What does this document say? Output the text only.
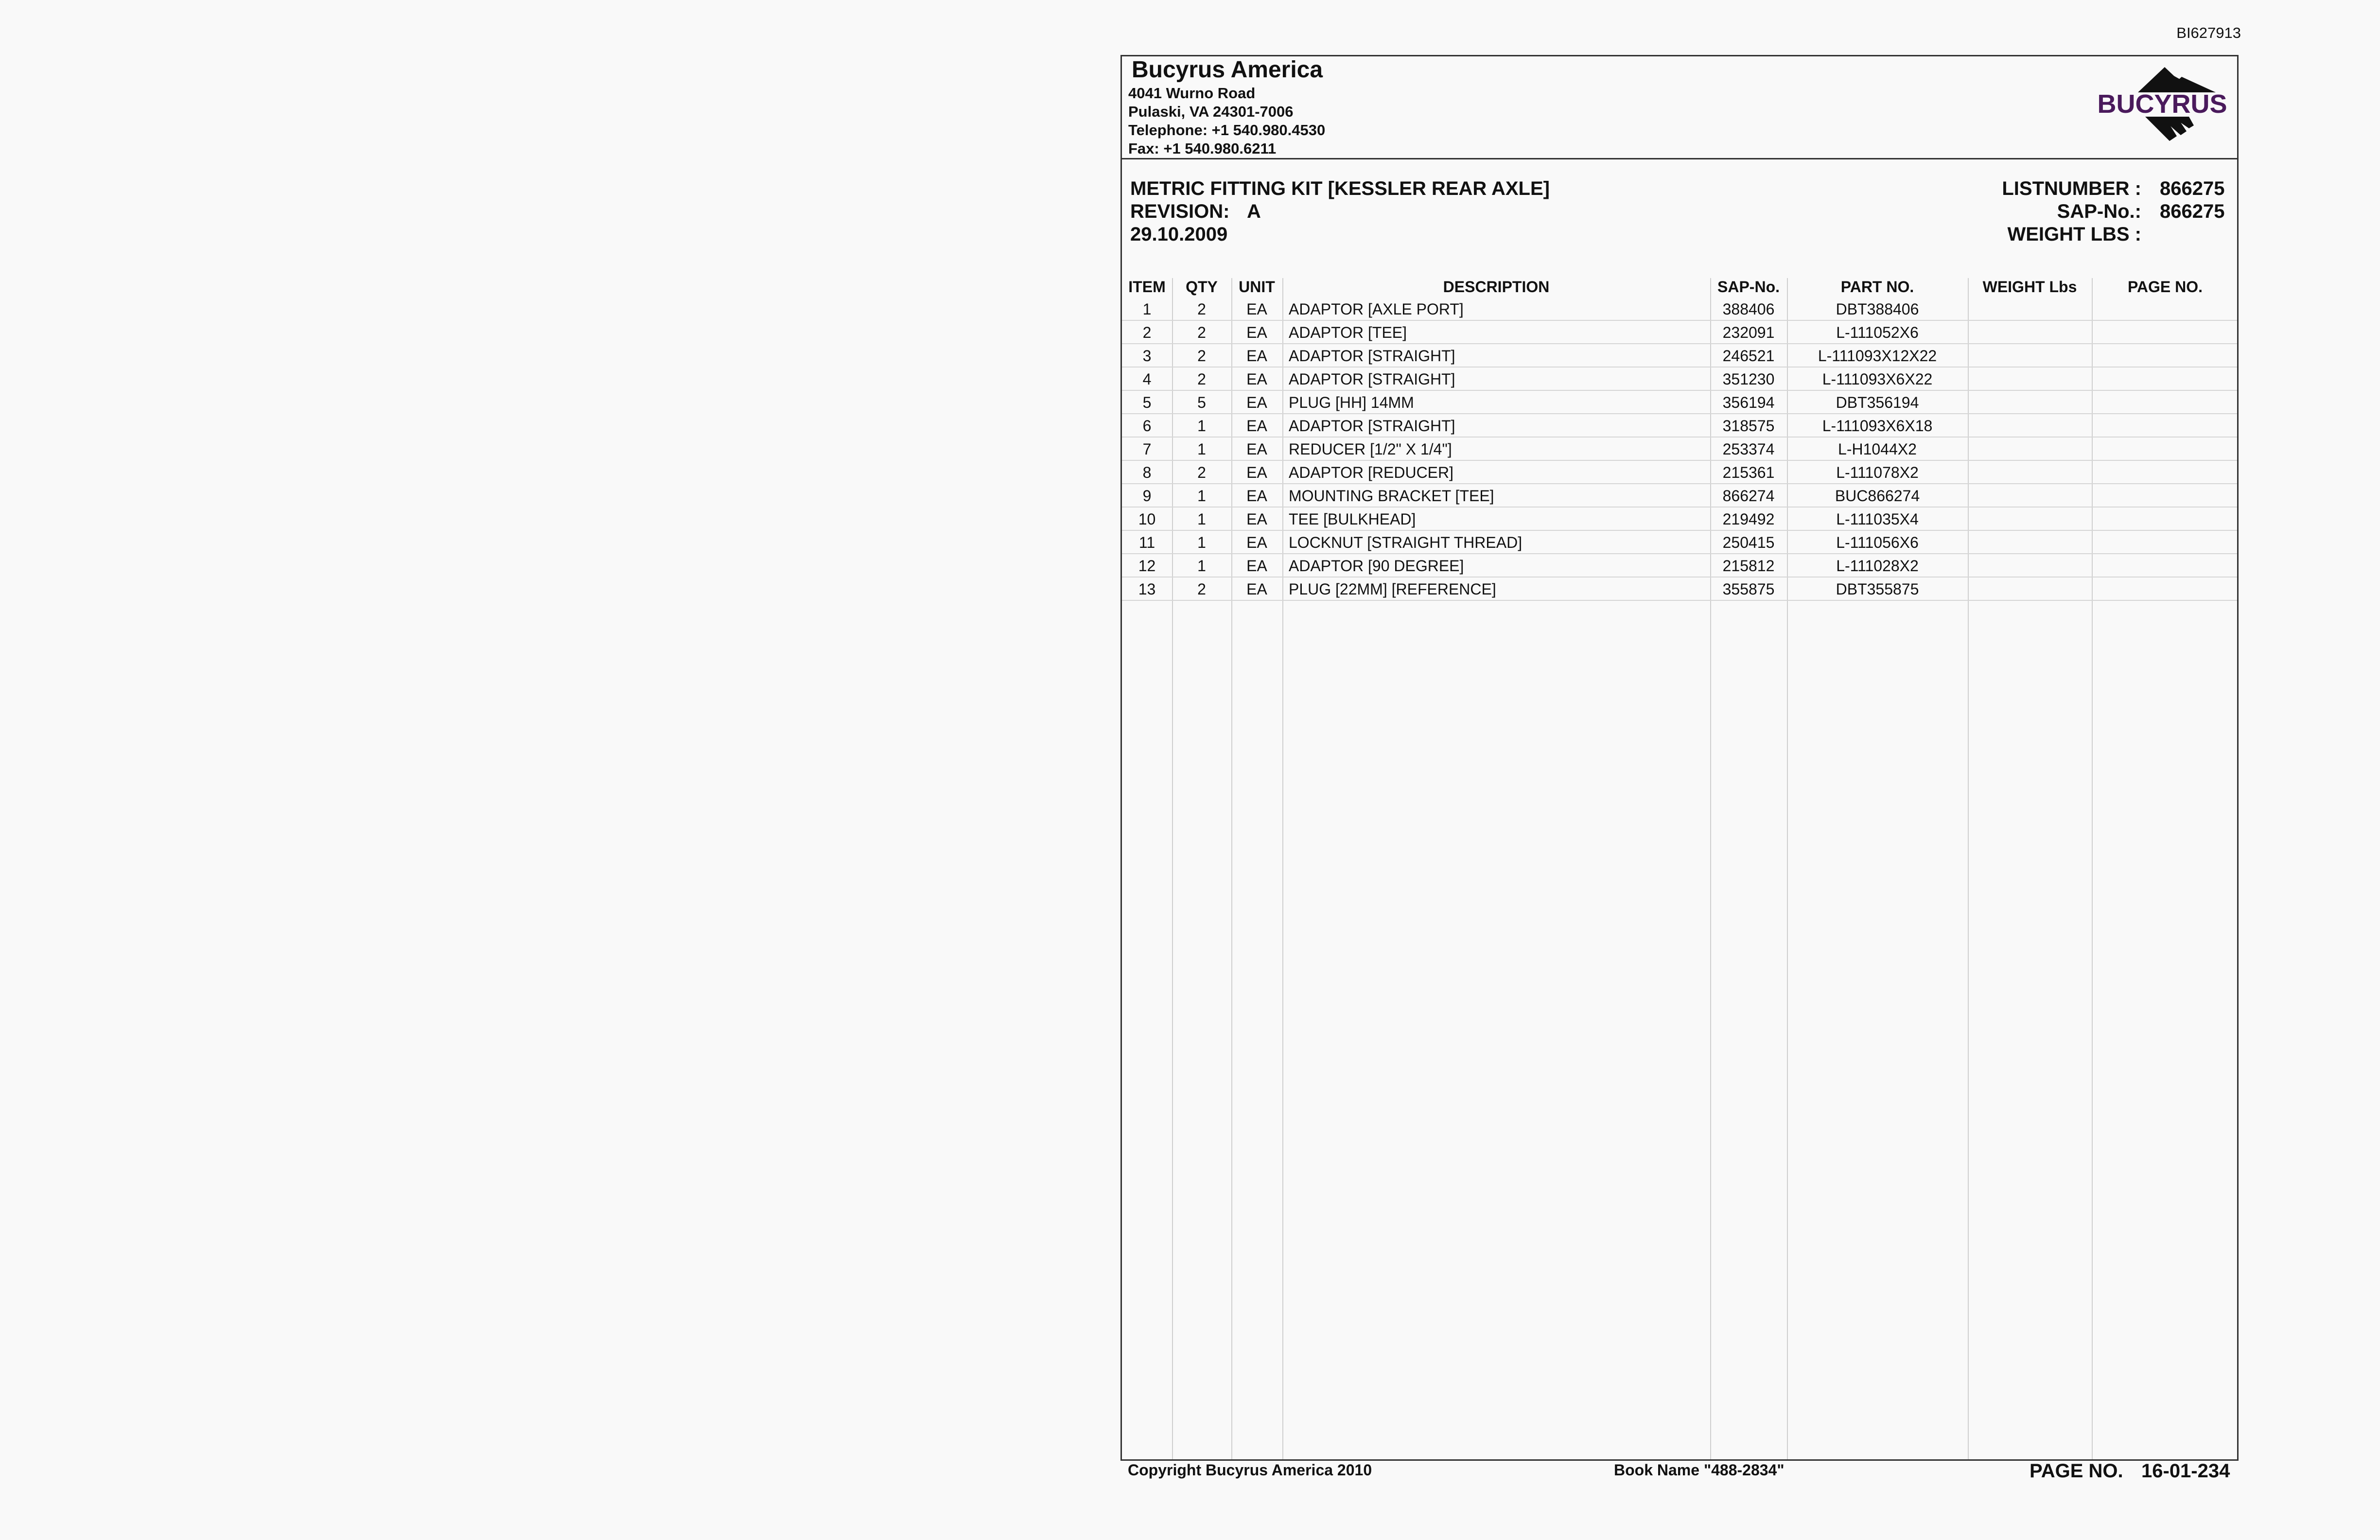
BI627913
Bucyrus America
4041 Wurno Road
Pulaski, VA 24301-7006
Telephone: +1 540.980.4530
Fax: +1 540.980.6211
BUCYRUS
METRIC FITTING KIT [KESSLER REAR AXLE]
REVISION: A
29.10.2009
LISTNUMBER : 866275
SAP-No.: 866275
WEIGHT LBS :
ITEM	QTY	UNIT	DESCRIPTION	SAP-No.	PART NO.	WEIGHT Lbs	PAGE NO.
1	2	EA	ADAPTOR [AXLE PORT]	388406	DBT388406
2	2	EA	ADAPTOR [TEE]	232091	L-111052X6
3	2	EA	ADAPTOR [STRAIGHT]	246521	L-111093X12X22
4	2	EA	ADAPTOR [STRAIGHT]	351230	L-111093X6X22
5	5	EA	PLUG [HH] 14MM	356194	DBT356194
6	1	EA	ADAPTOR [STRAIGHT]	318575	L-111093X6X18
7	1	EA	REDUCER [1/2" X 1/4"]	253374	L-H1044X2
8	2	EA	ADAPTOR [REDUCER]	215361	L-111078X2
9	1	EA	MOUNTING BRACKET [TEE]	866274	BUC866274
10	1	EA	TEE [BULKHEAD]	219492	L-111035X4
11	1	EA	LOCKNUT [STRAIGHT THREAD]	250415	L-111056X6
12	1	EA	ADAPTOR [90 DEGREE]	215812	L-111028X2
13	2	EA	PLUG [22MM] [REFERENCE]	355875	DBT355875
Copyright Bucyrus America 2010	Book Name "488-2834"	PAGE NO. 16-01-234
